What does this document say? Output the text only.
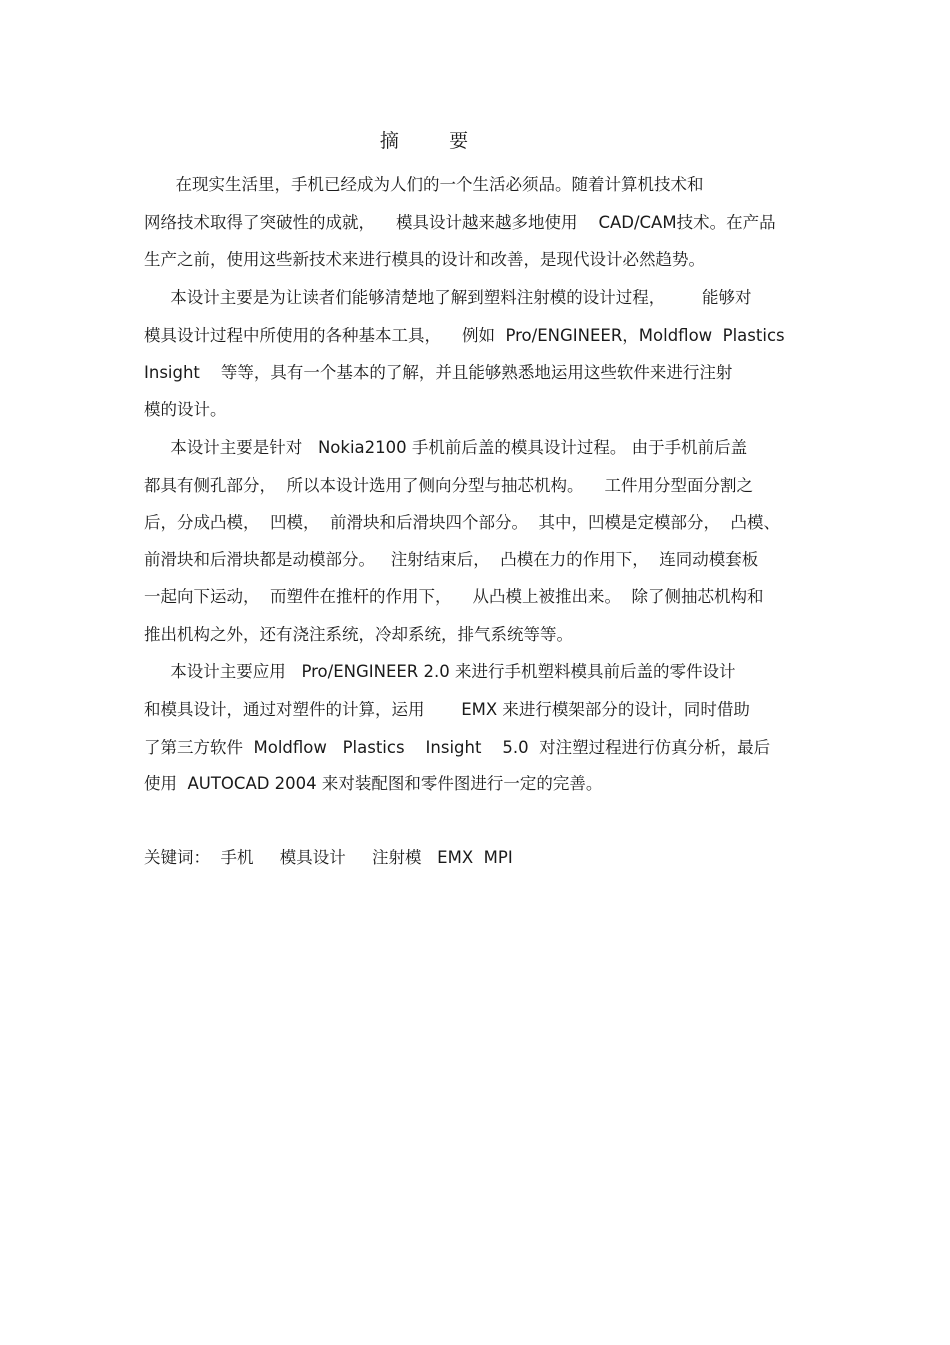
摘      要
在现实生活里，手机已经成为人们的一个生活必须品。随着计算机技术和
网络技术取得了突破性的成就，    模具设计越来越多地使用    CAD/CAM技术。在产品
生产之前，使用这些新技术来进行模具的设计和改善，是现代设计必然趋势。
本设计主要是为让读者们能够清楚地了解到塑料注射模的设计过程，       能够对
模具设计过程中所使用的各种基本工具，    例如  Pro/ENGINEER，Moldflow  Plastics
Insight    等等，具有一个基本的了解，并且能够熟悉地运用这些软件来进行注射
模的设计。
本设计主要是针对   Nokia2100 手机前后盖的模具设计过程。 由于手机前后盖
都具有侧孔部分，  所以本设计选用了侧向分型与抽芯机构。    工件用分型面分割之
后，分成凸模，  凹模，  前滑块和后滑块四个部分。  其中，凹模是定模部分，  凸模、
前滑块和后滑块都是动模部分。   注射结束后，  凸模在力的作用下，  连同动模套板
一起向下运动，  而塑件在推杆的作用下，    从凸模上被推出来。  除了侧抽芯机构和
推出机构之外，还有浇注系统，冷却系统，排气系统等等。
本设计主要应用   Pro/ENGINEER 2.0 来进行手机塑料模具前后盖的零件设计
和模具设计，通过对塑件的计算，运用       EMX 来进行模架部分的设计，同时借助
了第三方软件  Moldflow   Plastics    Insight    5.0  对注塑过程进行仿真分析，最后
使用  AUTOCAD 2004 来对装配图和零件图进行一定的完善。
关键词：  手机     模具设计     注射模   EMX  MPI
